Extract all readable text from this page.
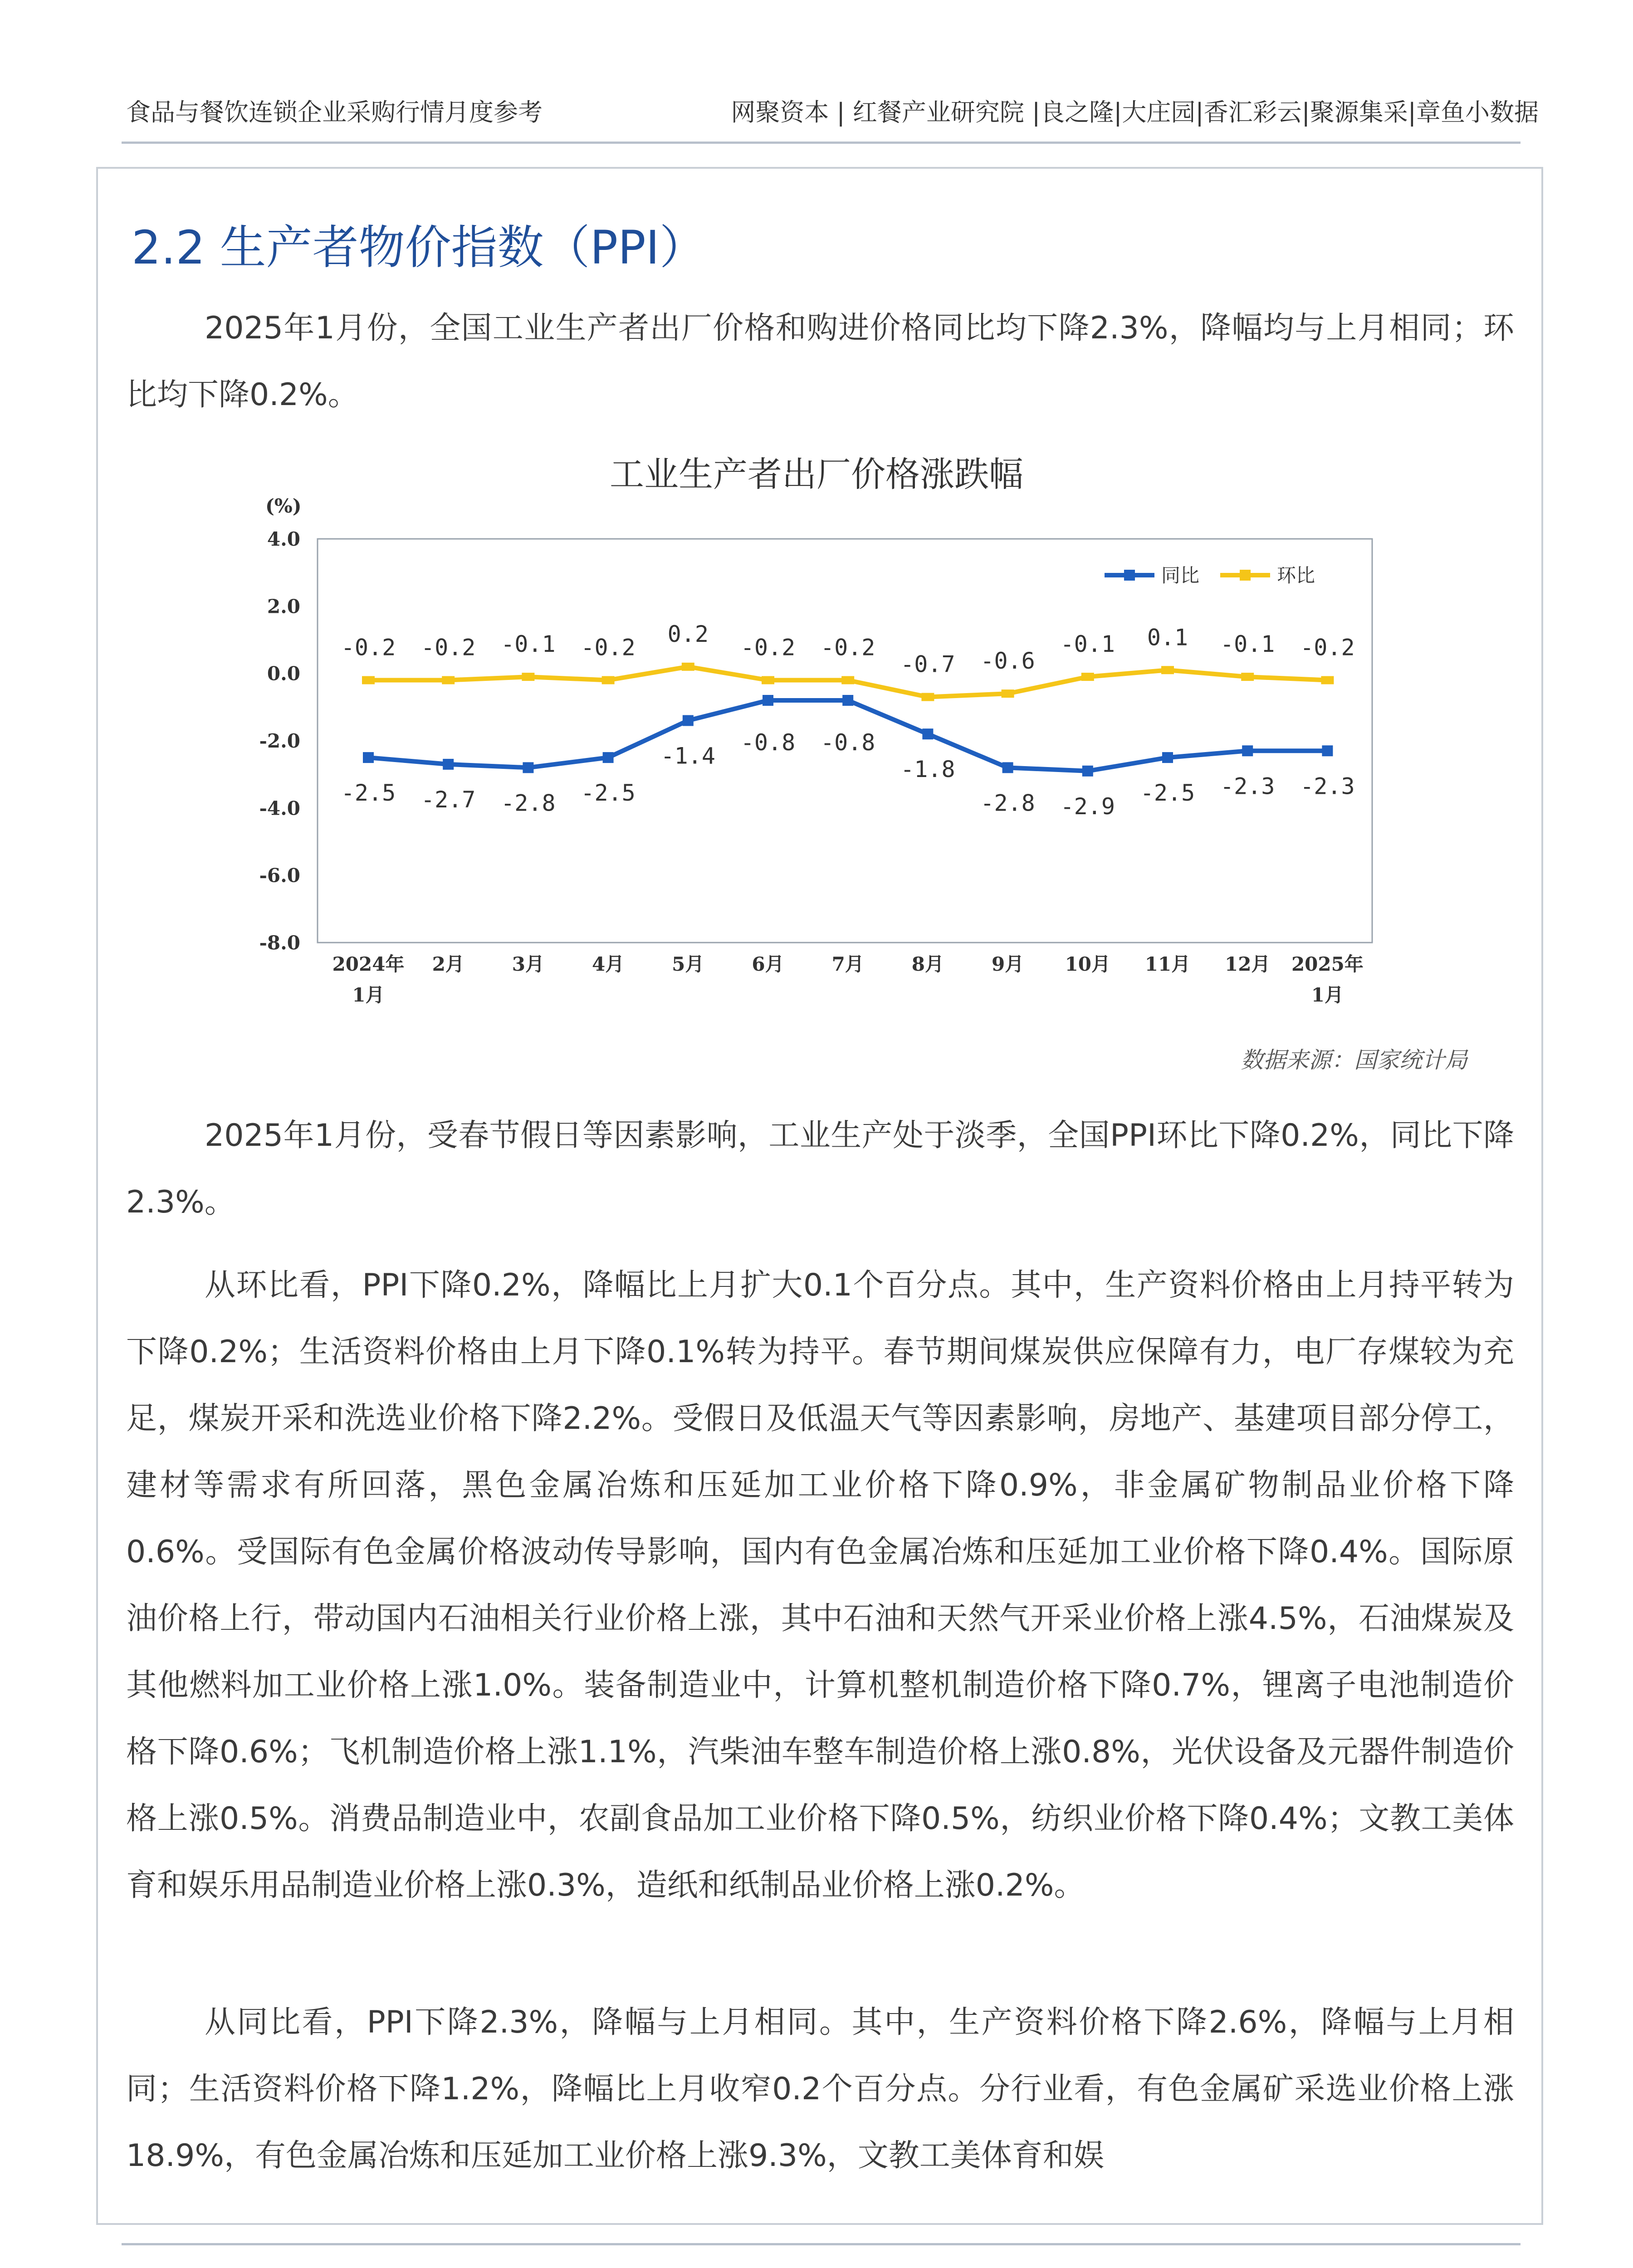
食品与餐饮连锁企业采购行情月度参考	网聚资本 | 红餐产业研究院 |良之隆|大庄园|香汇彩云|聚源集采|章鱼小数据
2.2 生产者物价指数（PPI）

2025年1月份，全国工业生产者出厂价格和购进价格同比均下降2.3%，降幅均与上月相同；环比均下降0.2%。

工业生产者出厂价格涨跌幅
(%)
4.0
2.0
0.0
-2.0
-4.0
-6.0
-8.0
2024年
1月
2月 3月 4月 5月 6月 7月 8月 9月 10月 11月 12月 2025年
1月
-2.5 -2.7 -2.8 -2.5
-1.4
-0.8 -0.8
-1.8
-2.8 -2.9
-2.5 -2.3 -2.3
-0.2 -0.2 -0.1 -0.2
0.2
-0.2 -0.2
-0.7 -0.6
-0.1 0.1 -0.1 -0.2
同比	环比
数据来源：国家统计局

2025年1月份，受春节假日等因素影响，工业生产处于淡季，全国PPI环比下降0.2%，同比下降2.3%。

从环比看，PPI下降0.2%，降幅比上月扩大0.1个百分点。其中，生产资料价格由上月持平转为下降0.2%；生活资料价格由上月下降0.1%转为持平。春节期间煤炭供应保障有力，电厂存煤较为充足，煤炭开采和洗选业价格下降2.2%。受假日及低温天气等因素影响，房地产、基建项目部分停工，建材等需求有所回落，黑色金属冶炼和压延加工业价格下降0.9%，非金属矿物制品业价格下降0.6%。受国际有色金属价格波动传导影响，国内有色金属冶炼和压延加工业价格下降0.4%。国际原油价格上行，带动国内石油相关行业价格上涨，其中石油和天然气开采业价格上涨4.5%，石油煤炭及其他燃料加工业价格上涨1.0%。装备制造业中，计算机整机制造价格下降0.7%，锂离子电池制造价格下降0.6%；飞机制造价格上涨1.1%，汽柴油车整车制造价格上涨0.8%，光伏设备及元器件制造价格上涨0.5%。消费品制造业中，农副食品加工业价格下降0.5%，纺织业价格下降0.4%；文教工美体育和娱乐用品制造业价格上涨0.3%，造纸和纸制品业价格上涨0.2%。

从同比看，PPI下降2.3%，降幅与上月相同。其中，生产资料价格下降2.6%，降幅与上月相同；生活资料价格下降1.2%，降幅比上月收窄0.2个百分点。分行业看，有色金属矿采选业价格上涨18.9%，有色金属冶炼和压延加工业价格上涨9.3%，文教工美体育和娱
